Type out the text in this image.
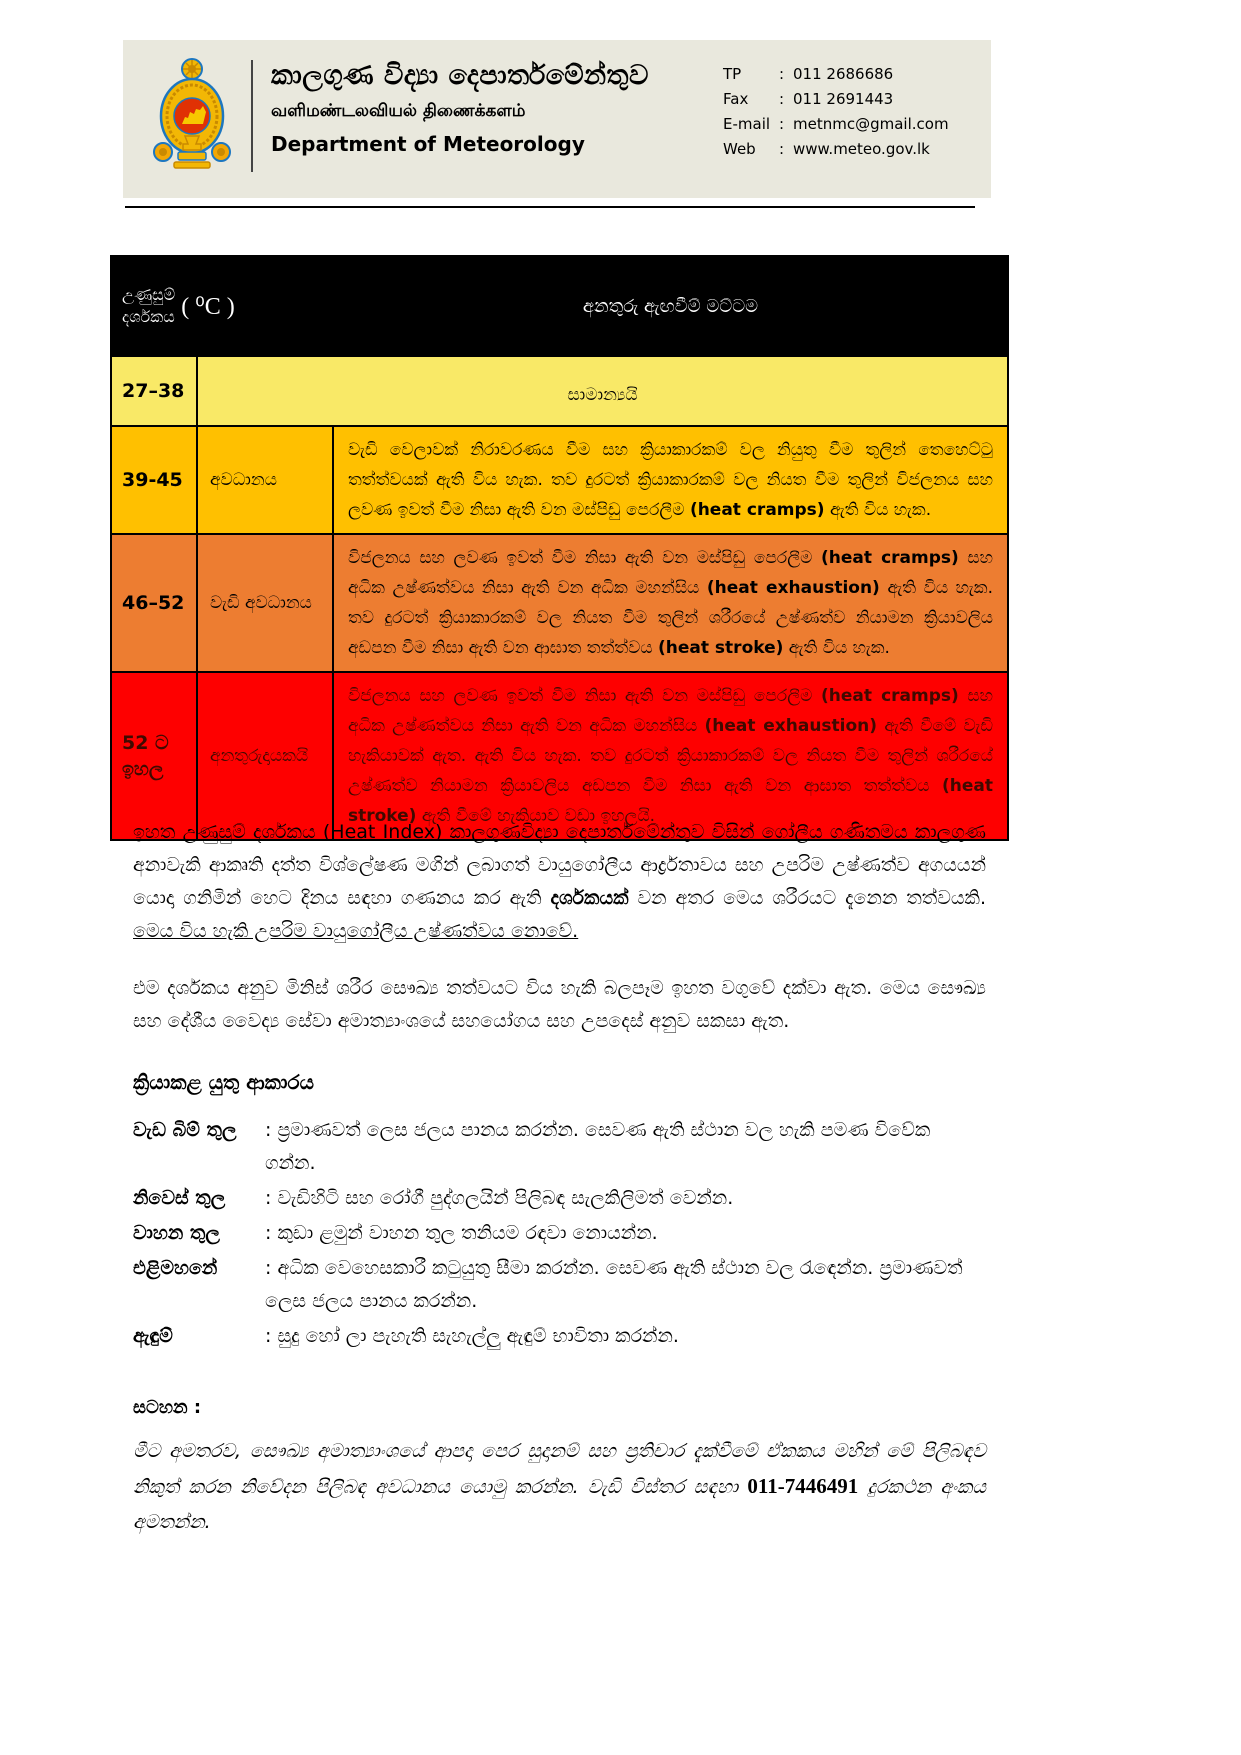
කාලගුණ විද්‍යා දෙපාර්තමේන්තුව
வளிமண்டலவியல் திணைக்களம்
Department of Meteorology
TP	: 011 2686686
Fax	: 011 2691443
E-mail : metnmc@gmail.com
Web	: www.meteo.gov.lk
උණුසුම්
දර්ශකය ( ⁰C )		අනතුරු ඇඟවීම් මට්ටම
27–38	සාමාන්‍යයි	
39-45	අවධානය	වැඩි වෙලාවක් නිරාවරණය වීම සහ ක්‍රියාකාරකම් වල නියුතු වීම තුලින් තෙහෙට්ටු තත්ත්වයක් ඇති විය හැක. තව දුරටත් ක්‍රියාකාරකම් වල නියත වීම තුලින් විජලනය සහ ලවණ ඉවත් වීම නිසා ඇති වන මස්පිඩු පෙරලීම (heat cramps) ඇති විය හැක.
46–52	වැඩි අවධානය	විජලනය සහ ලවණ ඉවත් වීම නිසා ඇති වන මස්පිඩු පෙරලීම (heat cramps) සහ අධික උෂ්ණත්වය නිසා ඇති වන අධික මහන්සිය (heat exhaustion) ඇති විය හැක. තව දුරටත් ක්‍රියාකාරකම් වල නියත වීම තුලින් ශරීරයේ උෂ්ණත්ව නියාමන ක්‍රියාවලිය අඩපන වීම නිසා ඇති වන ආඝාත තත්ත්වය (heat stroke) ඇති විය හැක.
52 ට ඉහල	අනතුරුදායකයි	විජලනය සහ ලවණ ඉවත් වීම නිසා ඇති වන මස්පිඩු පෙරලීම (heat cramps) සහ අධික උෂ්ණත්වය නිසා ඇති වන අධික මහන්සිය (heat exhaustion) ඇති වීමේ වැඩි හැකියාවක් ඇත. ඇති විය හැක. තව දුරටත් ක්‍රියාකාරකම් වල නියත වීම තුලින් ශරීරයේ උෂ්ණත්ව නියාමන ක්‍රියාවලිය අඩපන වීම නිසා ඇති වන ආඝාත තත්ත්වය (heat stroke) ඇති වීමේ හැකියාව වඩා ඉහලයි.

ඉහත උණුසුම් දර්ශකය (Heat Index) කාලගුණවිද්‍යා දෙපාර්තමේන්තුව විසින් ගෝලීය ගණිතමය කාලගුණ අනාවැකි ආකෘති දත්ත විශ්ලේෂණ මගින් ලබාගත් වායුගෝලීය ආර්ද්‍රතාවය සහ උපරිම උෂ්ණත්ව අගයයන් යොදා ගනිමින් හෙට දිනය සඳහා ගණනය කර ඇති දර්ශකයක් වන අතර මෙය ශරීරයට දැනෙන තත්වයකි. මෙය විය හැකි උපරිම වායුගෝලීය උෂ්ණත්වය නොවේ.

එම දර්ශකය අනුව මිනිස් ශරීර සෞඛ්‍ය තත්වයට විය හැකි බලපෑම ඉහත වගුවේ දක්වා ඇත. මෙය සෞඛ්‍ය සහ දේශීය වෛද්‍ය සේවා අමාත්‍යාංශයේ සහයෝගය සහ උපදෙස් අනුව සකසා ඇත.

ක්‍රියාකළ යුතු ආකාරය
වැඩ බිම් තුල	: ප්‍රමාණවත් ලෙස ජලය පානය කරන්න. සෙවණ ඇති ස්ථාන වල හැකි පමණ විවේක ගන්න.
නිවෙස් තුල	: වැඩිහිටි සහ රෝගී පුද්ගලයින් පිලිබඳ සැලකිලිමත් වෙන්න.
වාහන තුල	: කුඩා ළමුන් වාහන තුල තනියම රඳවා නොයන්න.
එළිමහනේ	: අධික වෙහෙසකාරී කටුයුතු සීමා කරන්න. සෙවණ ඇති ස්ථාන වල රැඳෙන්න. ප්‍රමාණවත් ලෙස ජලය පානය කරන්න.
ඇඳුම්	: සුදු හෝ ලා පැහැති සැහැල්ලු ඇඳුම් භාවිතා කරන්න.
සටහන :

මීට අමතරව, සෞඛ්‍ය අමාත්‍යාංශයේ ආපදා පෙර සුදානම් සහ ප්‍රතිචාර දැක්වීමේ ඒකකය මහින් මේ පිලිබඳව නිකුත් කරන නිවේදන පිලිබඳ අවධානය යොමු කරන්න. වැඩි විස්තර සඳහා 011-7446491 දුරකථන අංකය අමතන්න.
